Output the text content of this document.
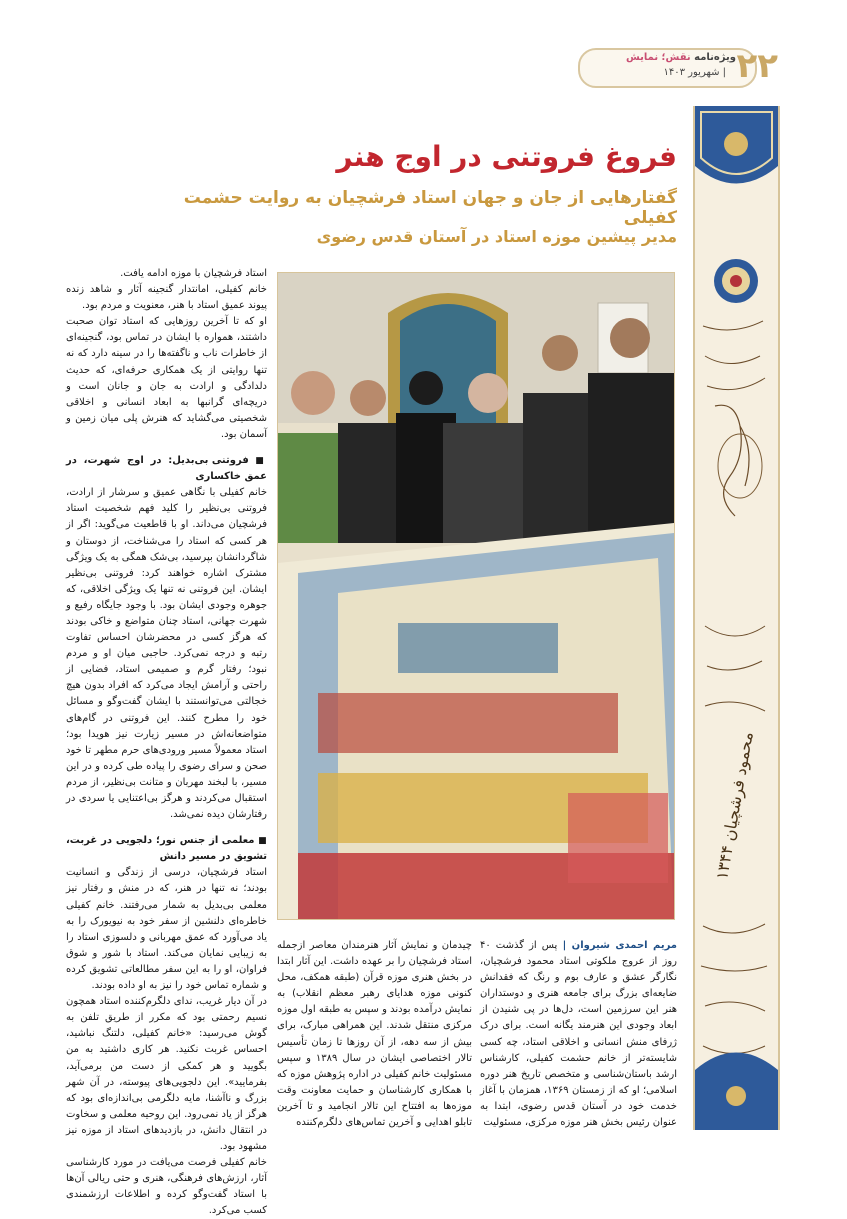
۲۲
ویژه‌نامه نقش؛ نمایش
| شهریور ۱۴۰۳
محمود فرشچیان ۱۳۴۴
فروغ فروتنی در اوج هنر
گفتارهایی از جان و جهان استاد فرشچیان به روایت حشمت کفیلی
مدیر پیشین موزه استاد در آستان قدس رضوی

مریم احمدی شیروان | پس از گذشت ۴۰ روز از عروج ملکوتی استاد محمود فرشچیان، نگارگر عشق و عارف بوم و رنگ که فقدانش ضایعه‌ای بزرگ برای جامعه هنری و دوستداران هنر این سرزمین است، دل‌ها در پی شنیدن از ابعاد وجودی این هنرمند یگانه است. برای درک ژرفای منش انسانی و اخلاقی استاد، چه کسی شایسته‌تر از خانم حشمت کفیلی، کارشناس ارشد باستان‌شناسی و متخصص تاریخ هنر دوره اسلامی؛ او که از زمستان ۱۳۶۹، همزمان با آغاز خدمت خود در آستان قدس رضوی، ابتدا به عنوان رئیس بخش هنر موزه مرکزی، مسئولیت

چیدمان و نمایش آثار هنرمندان معاصر ازجمله استاد فرشچیان را بر عهده داشت. این آثار ابتدا در بخش هنری موزه قرآن (طبقه همکف، محل کنونی موزه هدایای رهبر معظم انقلاب) به نمایش درآمده بودند و سپس به طبقه اول موزه مرکزی منتقل شدند. این همراهی مبارک، برای بیش از سه دهه، از آن روزها تا زمان تأسیس تالار اختصاصی ایشان در سال ۱۳۸۹ و سپس مسئولیت خانم کفیلی در اداره پژوهش موزه که با همکاری کارشناسان و حمایت معاونت وقت موزه‌ها به افتتاح این تالار انجامید و تا آخرین تابلو اهدایی و آخرین تماس‌های دلگرم‌کننده

استاد فرشچیان با موزه ادامه یافت.

خانم کفیلی، امانتدار گنجینه آثار و شاهد زنده پیوند عمیق استاد با هنر، معنویت و مردم بود.

او که تا آخرین روزهایی که استاد توان صحبت داشتند، همواره با ایشان در تماس بود، گنجینه‌ای از خاطرات ناب و ناگفته‌ها را در سینه دارد که نه تنها روایتی از یک همکاری حرفه‌ای، که حدیث دلدادگی و ارادت به جان و جانان است و دریچه‌ای گرانبها به ابعاد انسانی و اخلاقی شخصیتی می‌گشاید که هنرش پلی میان زمین و آسمان بود.

■ فروتنی بی‌بدیل: در اوج شهرت، در عمق خاکساری

خانم کفیلی با نگاهی عمیق و سرشار از ارادت، فروتنی بی‌نظیر را کلید فهم شخصیت استاد فرشچیان می‌داند. او با قاطعیت می‌گوید: اگر از هر کسی که استاد را می‌شناخت، از دوستان و شاگردانشان بپرسید، بی‌شک همگی به یک ویژگی مشترک اشاره خواهند کرد: فروتنی بی‌نظیر ایشان. این فروتنی نه تنها یک ویژگی اخلاقی، که جوهره وجودی ایشان بود. با وجود جایگاه رفیع و شهرت جهانی، استاد چنان متواضع و خاکی بودند که هرگز کسی در محضرشان احساس تفاوت رتبه و درجه نمی‌کرد. حاجبی میان او و مردم نبود؛ رفتار گرم و صمیمی استاد، فضایی از راحتی و آرامش ایجاد می‌کرد که افراد بدون هیچ خجالتی می‌توانستند با ایشان گفت‌وگو و مسائل خود را مطرح کنند. این فروتنی در گام‌های متواضعانه‌اش در مسیر زیارت نیز هویدا بود؛ استاد معمولاً مسیر ورودی‌های حرم مطهر تا خود صحن و سرای رضوی را پیاده طی کرده و در این مسیر، با لبخند مهربان و متانت بی‌نظیر، از مردم استقبال می‌کردند و هرگز بی‌اعتنایی یا سردی در رفتارشان دیده نمی‌شد.

■ معلمی از جنس نور؛ دلجویی در غربت، تشویق در مسیر دانش

استاد فرشچیان، درسی از زندگی و انسانیت بودند؛ نه تنها در هنر، که در منش و رفتار نیز معلمی بی‌بدیل به شمار می‌رفتند. خانم کفیلی خاطره‌ای دلنشین از سفر خود به نیویورک را به یاد می‌آورد که عمق مهربانی و دلسوزی استاد را به زیبایی نمایان می‌کند. استاد با شور و شوق فراوان، او را به این سفر مطالعاتی تشویق کرده و شماره تماس خود را نیز به او داده بودند.

در آن دیار غریب، ندای دلگرم‌کننده استاد همچون نسیم رحمتی بود که مکرر از طریق تلفن به گوش می‌رسید: «خانم کفیلی، دلتنگ نباشید، احساس غربت نکنید. هر کاری داشتید به من بگویید و هر کمکی از دست من برمی‌آید، بفرمایید». این دلجویی‌های پیوسته، در آن شهر بزرگ و ناآشنا، مایه دلگرمی بی‌اندازه‌ای بود که هرگز از یاد نمی‌رود. این روحیه معلمی و سخاوت در انتقال دانش، در بازدیدهای استاد از موزه نیز مشهود بود.

خانم کفیلی فرصت می‌یافت در مورد کارشناسی آثار، ارزش‌های فرهنگی، هنری و حتی ریالی آن‌ها با استاد گفت‌وگو کرده و اطلاعات ارزشمندی کسب می‌کرد.
